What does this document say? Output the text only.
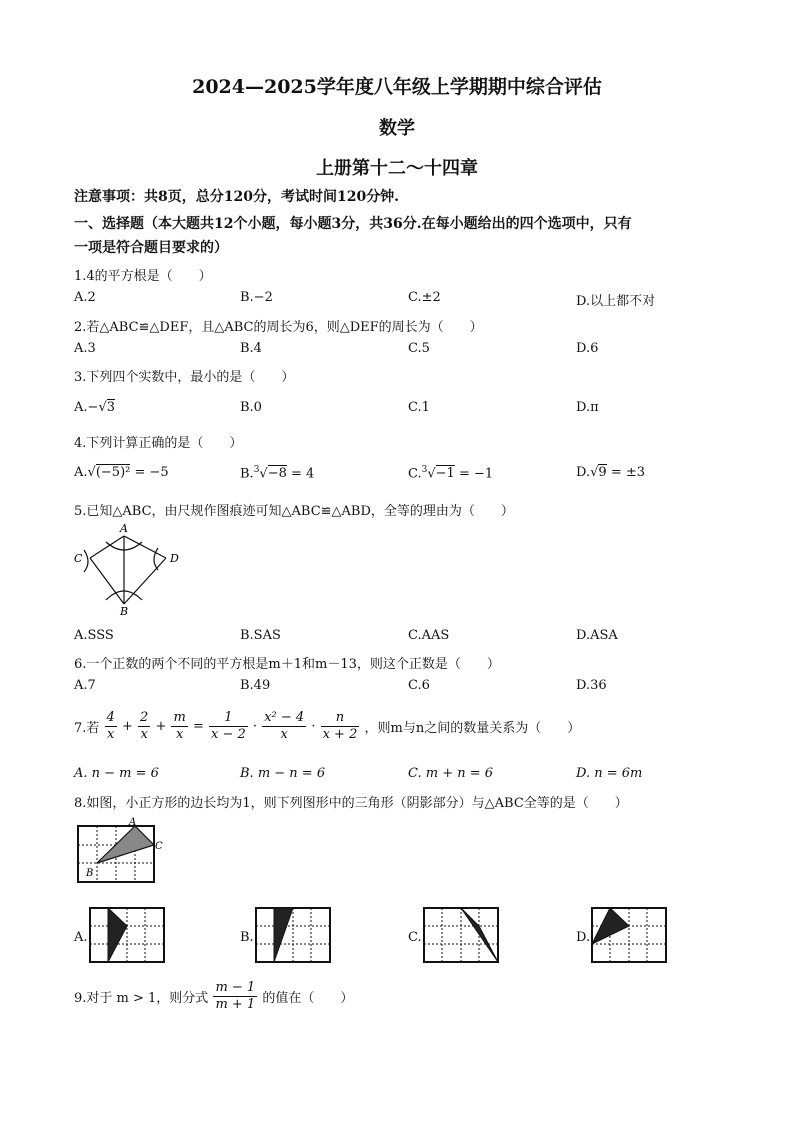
2024—2025学年度八年级上学期期中综合评估
数学
上册第十二～十四章
注意事项：共8页，总分120分，考试时间120分钟.
一、选择题（本大题共12个小题，每小题3分，共36分.在每小题给出的四个选项中，只有
一项是符合题目要求的）
1.4的平方根是（　　）
A.2	B.−2	C.±2	D.以上都不对
2.若△ABC≌△DEF，且△ABC的周长为6，则△DEF的周长为（　　）
A.3	B.4	C.5	D.6
3.下列四个实数中，最小的是（　　）
A.−√3	B.0	C.1	D.π
4.下列计算正确的是（　　）
A.√(−5)² = −5	B.$^3$√−8 = 4	C.$^3$√−1 = −1	D.√9 = ±3
5.已知△ABC，由尺规作图痕迹可知△ABC≌△ABD，全等的理由为（　　）
A
B
C	D
A.SSS	B.SAS	C.AAS	D.ASA
6.一个正数的两个不同的平方根是m＋1和m－13，则这个正数是（　　）
A.7	B.49	C.6	D.36
7.若 $\frac{4}{x} + \frac{2}{x} + \frac{m}{x} = \frac{1}{x - 2} \cdot \frac{\text{x² − 4}}{x} \cdot \frac{n}{x + 2}$ ，则m与n之间的数量关系为（　　）
A. n − m = 6	B. m − n = 6	C. m + n = 6	D. n = 6m
8.如图，小正方形的边长均为1，则下列图形中的三角形（阴影部分）与△ABC全等的是（　　）
A
C
B
A.	B.	C.	D.
9.对于 m > 1，则分式 $\frac{m - 1}{m + 1}$ 的值在（　　）
